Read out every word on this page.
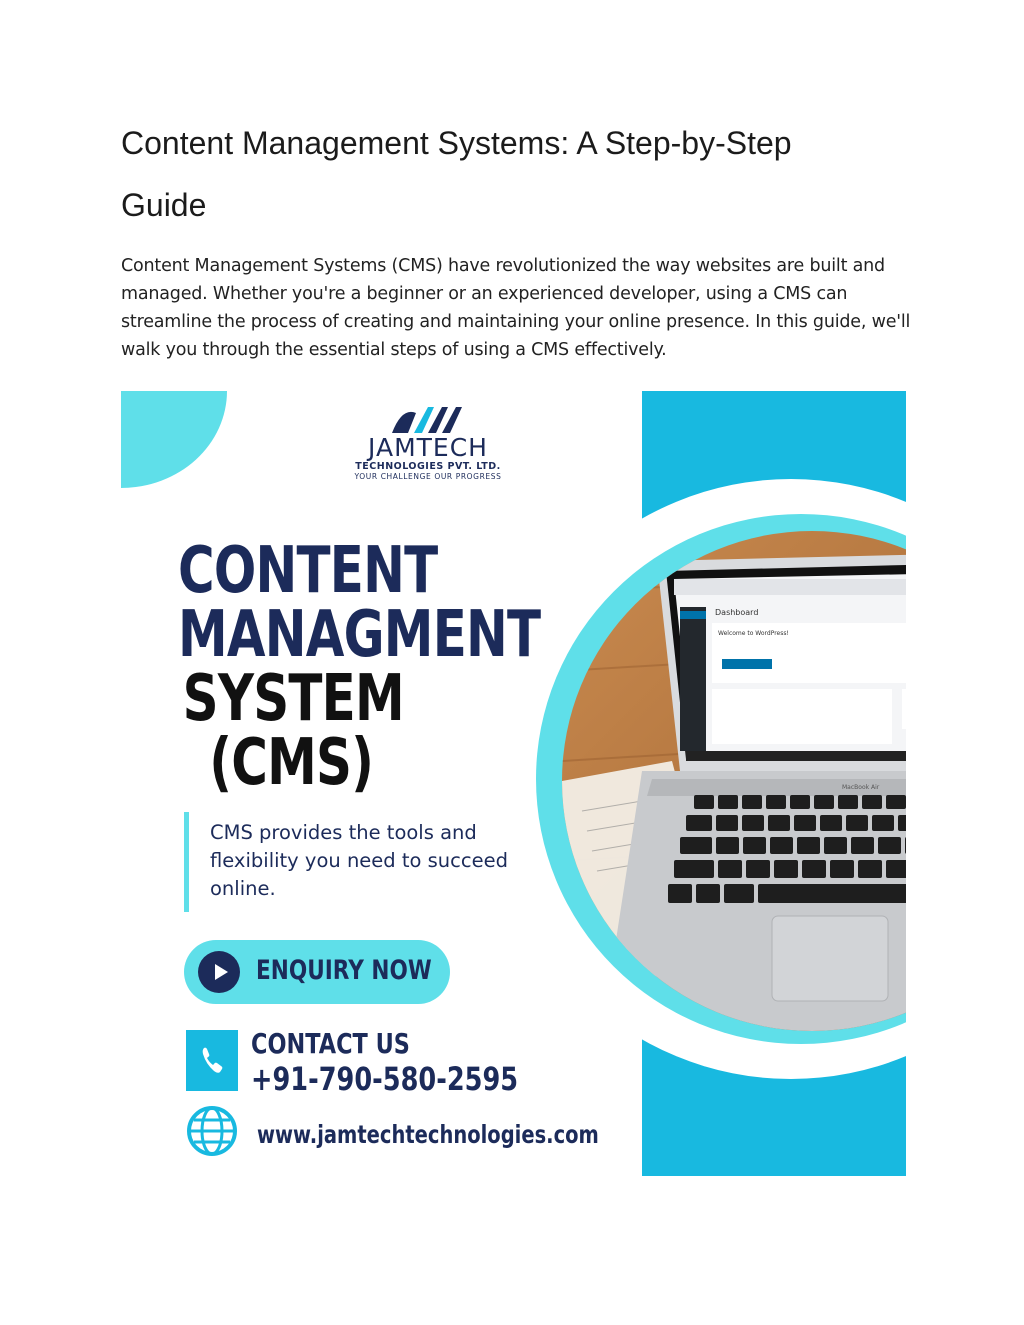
Content Management Systems: A Step-by-Step Guide

Content Management Systems (CMS) have revolutionized the way websites are built and managed. Whether you're a beginner or an experienced developer, using a CMS can streamline the process of creating and maintaining your online presence. In this guide, we'll walk you through the essential steps of using a CMS effectively.

Dashboard
Welcome to WordPress!
MacBook Air
JAMTECH
TECHNOLOGIES PVT. LTD.
YOUR CHALLENGE OUR PROGRESS
CONTENT
MANAGMENT
SYSTEM
(CMS)
CMS provides the tools and flexibility you need to succeed online.
ENQUIRY NOW
CONTACT US
+91-790-580-2595
www.jamtechtechnologies.com
